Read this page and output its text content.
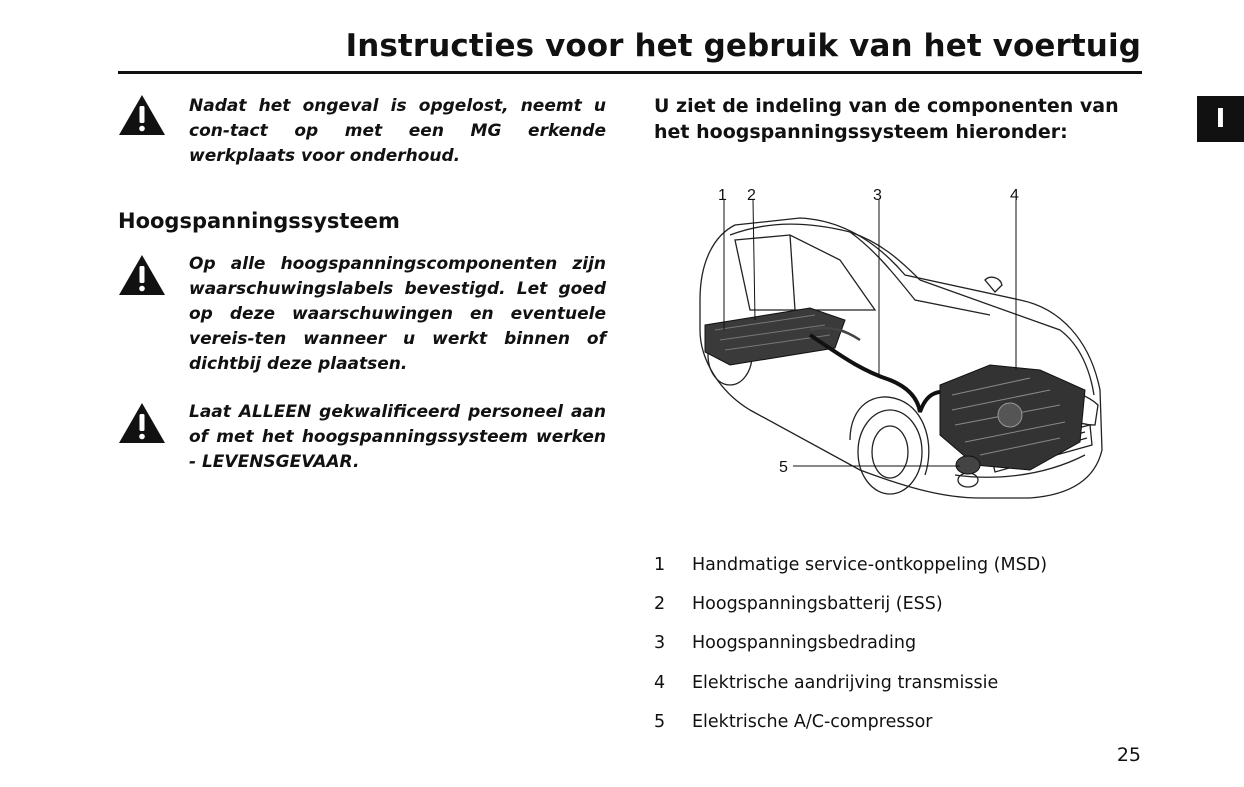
Instructies voor het gebruik van het voertuig
I
Nadat het ongeval is opgelost, neemt u con-tact op met een MG erkende werkplaats voor onderhoud.
Hoogspanningssysteem
Op alle hoogspanningscomponenten zijn waarschuwingslabels bevestigd. Let goed op deze waarschuwingen en eventuele vereis-ten wanneer u werkt binnen of dichtbij deze plaatsen.
Laat ALLEEN gekwalificeerd personeel aan of met het hoogspanningssysteem werken - LEVENSGEVAAR.
U ziet de indeling van de componenten van het hoogspanningssysteem hieronder:
1 2	3	4
5
1	Handmatige service-ontkoppeling (MSD)
2	Hoogspanningsbatterij (ESS)
3	Hoogspanningsbedrading
4	Elektrische aandrijving transmissie
5	Elektrische A/C-compressor
25
